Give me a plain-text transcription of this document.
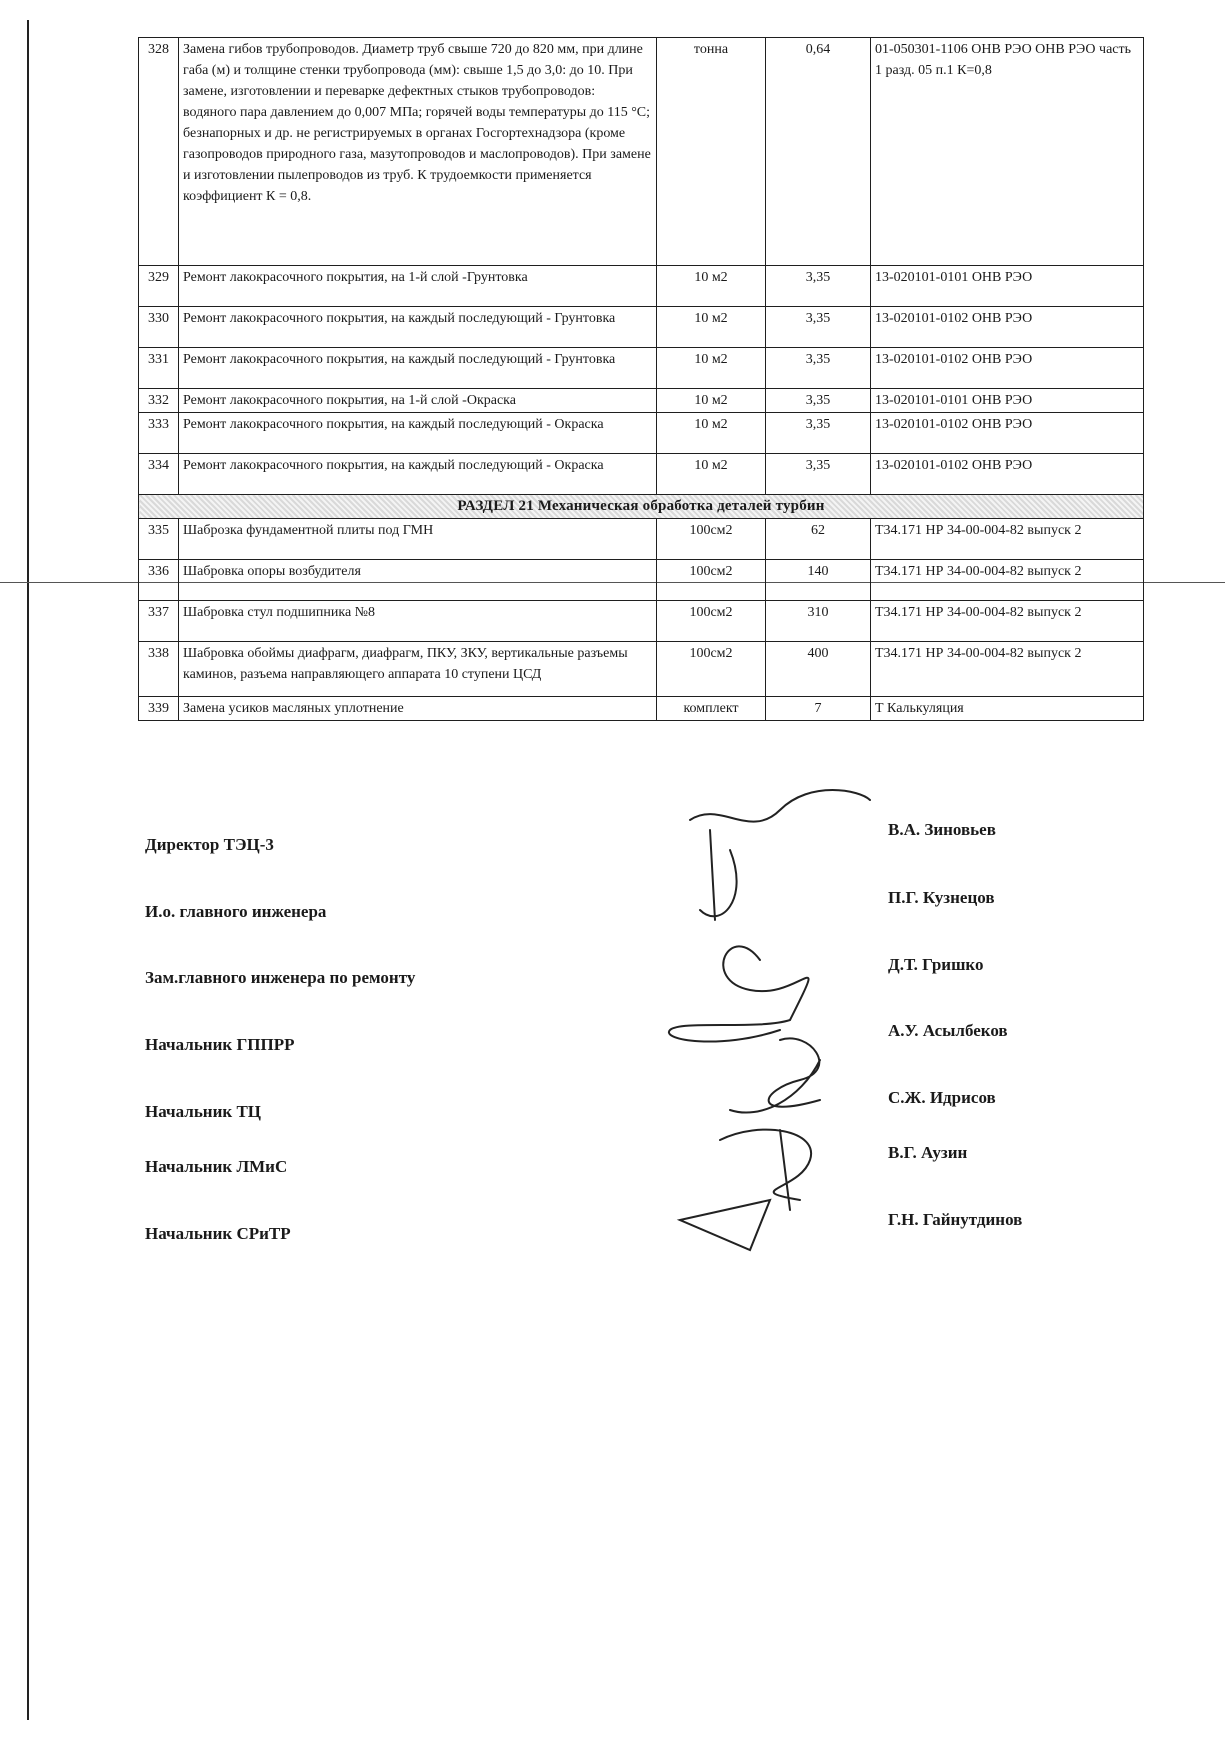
328	Замена гибов трубопроводов. Диаметр труб свыше 720 до 820 мм, при длине габа (м) и толщине стенки трубопровода (мм): свыше 1,5 до 3,0: до 10. При замене, изготовлении и переварке дефектных стыков трубопроводов: водяного пара давлением до 0,007 МПа; горячей воды температуры до 115 °С; безнапорных и др. не регистрируемых в органах Госгортехнадзора (кроме газопроводов природного газа, мазутопроводов и маслопроводов). При замене и изготовлении пылепроводов из труб. К трудоемкости применяется коэффициент К = 0,8.	тонна	0,64	01-050301-1106 ОНВ РЭО ОНВ РЭО часть 1 разд. 05 п.1 К=0,8
329	Ремонт лакокрасочного покрытия, на 1-й слой -Грунтовка	10 м2	3,35	13-020101-0101 ОНВ РЭО
330	Ремонт лакокрасочного покрытия, на каждый последующий - Грунтовка	10 м2	3,35	13-020101-0102 ОНВ РЭО
331	Ремонт лакокрасочного покрытия, на каждый последующий - Грунтовка	10 м2	3,35	13-020101-0102 ОНВ РЭО
332	Ремонт лакокрасочного покрытия, на 1-й слой -Окраска	10 м2	3,35	13-020101-0101 ОНВ РЭО
333	Ремонт лакокрасочного покрытия, на каждый последующий - Окраска	10 м2	3,35	13-020101-0102 ОНВ РЭО
334	Ремонт лакокрасочного покрытия, на каждый последующий - Окраска	10 м2	3,35	13-020101-0102 ОНВ РЭО
РАЗДЕЛ 21 Механическая обработка деталей турбин				
335	Шаброзка фундаментной плиты под ГМН	100см2	62	Т34.171 НР 34-00-004-82 выпуск 2
336	Шабровка опоры возбудителя	100см2	140	Т34.171 НР 34-00-004-82 выпуск 2
337	Шабровка стул подшипника №8	100см2	310	Т34.171 НР 34-00-004-82 выпуск 2
338	Шабровка обоймы диафрагм, диафрагм, ПКУ, ЗКУ, вертикальные разъемы каминов, разъема направляющего аппарата 10 ступени ЦСД	100см2	400	Т34.171 НР 34-00-004-82 выпуск 2
339	Замена усиков масляных уплотнение	комплект	7	Т Калькуляция
Директор ТЭЦ-3
И.о. главного инженера
Зам.главного инженера по ремонту
Начальник ГППРР
Начальник ТЦ
Начальник ЛМиС
Начальник СРиТР
В.А. Зиновьев
П.Г. Кузнецов
Д.Т. Гришко
А.У. Асылбеков
С.Ж. Идрисов
В.Г. Аузин
Г.Н. Гайнутдинов
